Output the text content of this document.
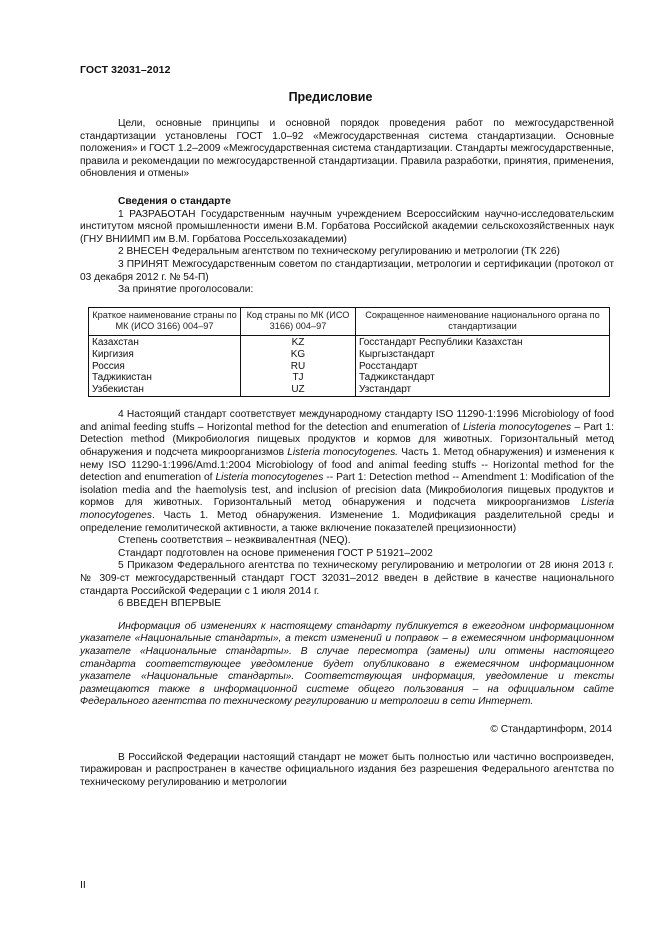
ГОСТ 32031–2012
Предисловие

Цели, основные принципы и основной порядок проведения работ по межгосударственной стандартизации установлены ГОСТ 1.0–92 «Межгосударственная система стандартизации. Основные положения» и ГОСТ 1.2–2009 «Межгосударственная система стандартизации. Стандарты межгосударственные, правила и рекомендации по межгосударственной стандартизации. Правила разработки, принятия, применения, обновления и отмены»

Сведения о стандарте

1 РАЗРАБОТАН Государственным научным учреждением Всероссийским научно-исследовательским институтом мясной промышленности имени В.М. Горбатова Российской академии сельскохозяйственных наук (ГНУ ВНИИМП им В.М. Горбатова Россельхозакадемии)

2 ВНЕСЕН Федеральным агентством по техническому регулированию и метрологии (ТК 226)

3 ПРИНЯТ Межгосударственным советом по стандартизации, метрологии и сертификации (протокол от 03 декабря 2012 г. № 54-П)

За принятие проголосовали:

Краткое наименование страны по МК (ИСО 3166) 004–97	Код страны по МК (ИСО 3166) 004–97	Сокращенное наименование национального органа по стандартизации
Казахстан	KZ	Госстандарт Республики Казахстан
Киргизия	KG	Кыргызстандарт
Россия	RU	Росстандарт
Таджикистан	TJ	Таджикстандарт
Узбекистан	UZ	Узстандарт

4 Настоящий стандарт соответствует международному стандарту ISO 11290-1:1996 Microbiology of food and animal feeding stuffs – Horizontal method for the detection and enumeration of Listeria monocytogenes – Part 1: Detection method (Микробиология пищевых продуктов и кормов для животных. Горизонтальный метод обнаружения и подсчета микроорганизмов Listeria monocytogenes. Часть 1. Метод обнаружения) и изменения к нему ISO 11290-1:1996/Amd.1:2004 Microbiology of food and animal feeding stuffs -- Horizontal method for the detection and enumeration of Listeria monocytogenes -- Part 1: Detection method -- Amendment 1: Modification of the isolation media and the haemolysis test, and inclusion of precision data (Микробиология пищевых продуктов и кормов для животных. Горизонтальный метод обнаружения и подсчета микроорганизмов Listeria monocytogenes. Часть 1. Метод обнаружения. Изменение 1. Модификация разделительной среды и определение гемолитической активности, а также включение показателей прецизионности)

Степень соответствия – неэквивалентная (NEQ).

Стандарт подготовлен на основе применения ГОСТ Р 51921–2002

5 Приказом Федерального агентства по техническому регулированию и метрологии от 28 июня 2013 г. № 309-ст межгосударственный стандарт ГОСТ 32031–2012 введен в действие в качестве национального стандарта Российской Федерации с 1 июля 2014 г.

6 ВВЕДЕН ВПЕРВЫЕ

Информация об изменениях к настоящему стандарту публикуется в ежегодном информационном указателе «Национальные стандарты», а текст изменений и поправок – в ежемесячном информационном указателе «Национальные стандарты». В случае пересмотра (замены) или отмены настоящего стандарта соответствующее уведомление будет опубликовано в ежемесячном информационном указателе «Национальные стандарты». Соответствующая информация, уведомление и тексты размещаются также в информационной системе общего пользования – на официальном сайте Федерального агентства по техническому регулированию и метрологии в сети Интернет.

© Стандартинформ, 2014

В Российской Федерации настоящий стандарт не может быть полностью или частично воспроизведен, тиражирован и распространен в качестве официального издания без разрешения Федерального агентства по техническому регулированию и метрологии

II
